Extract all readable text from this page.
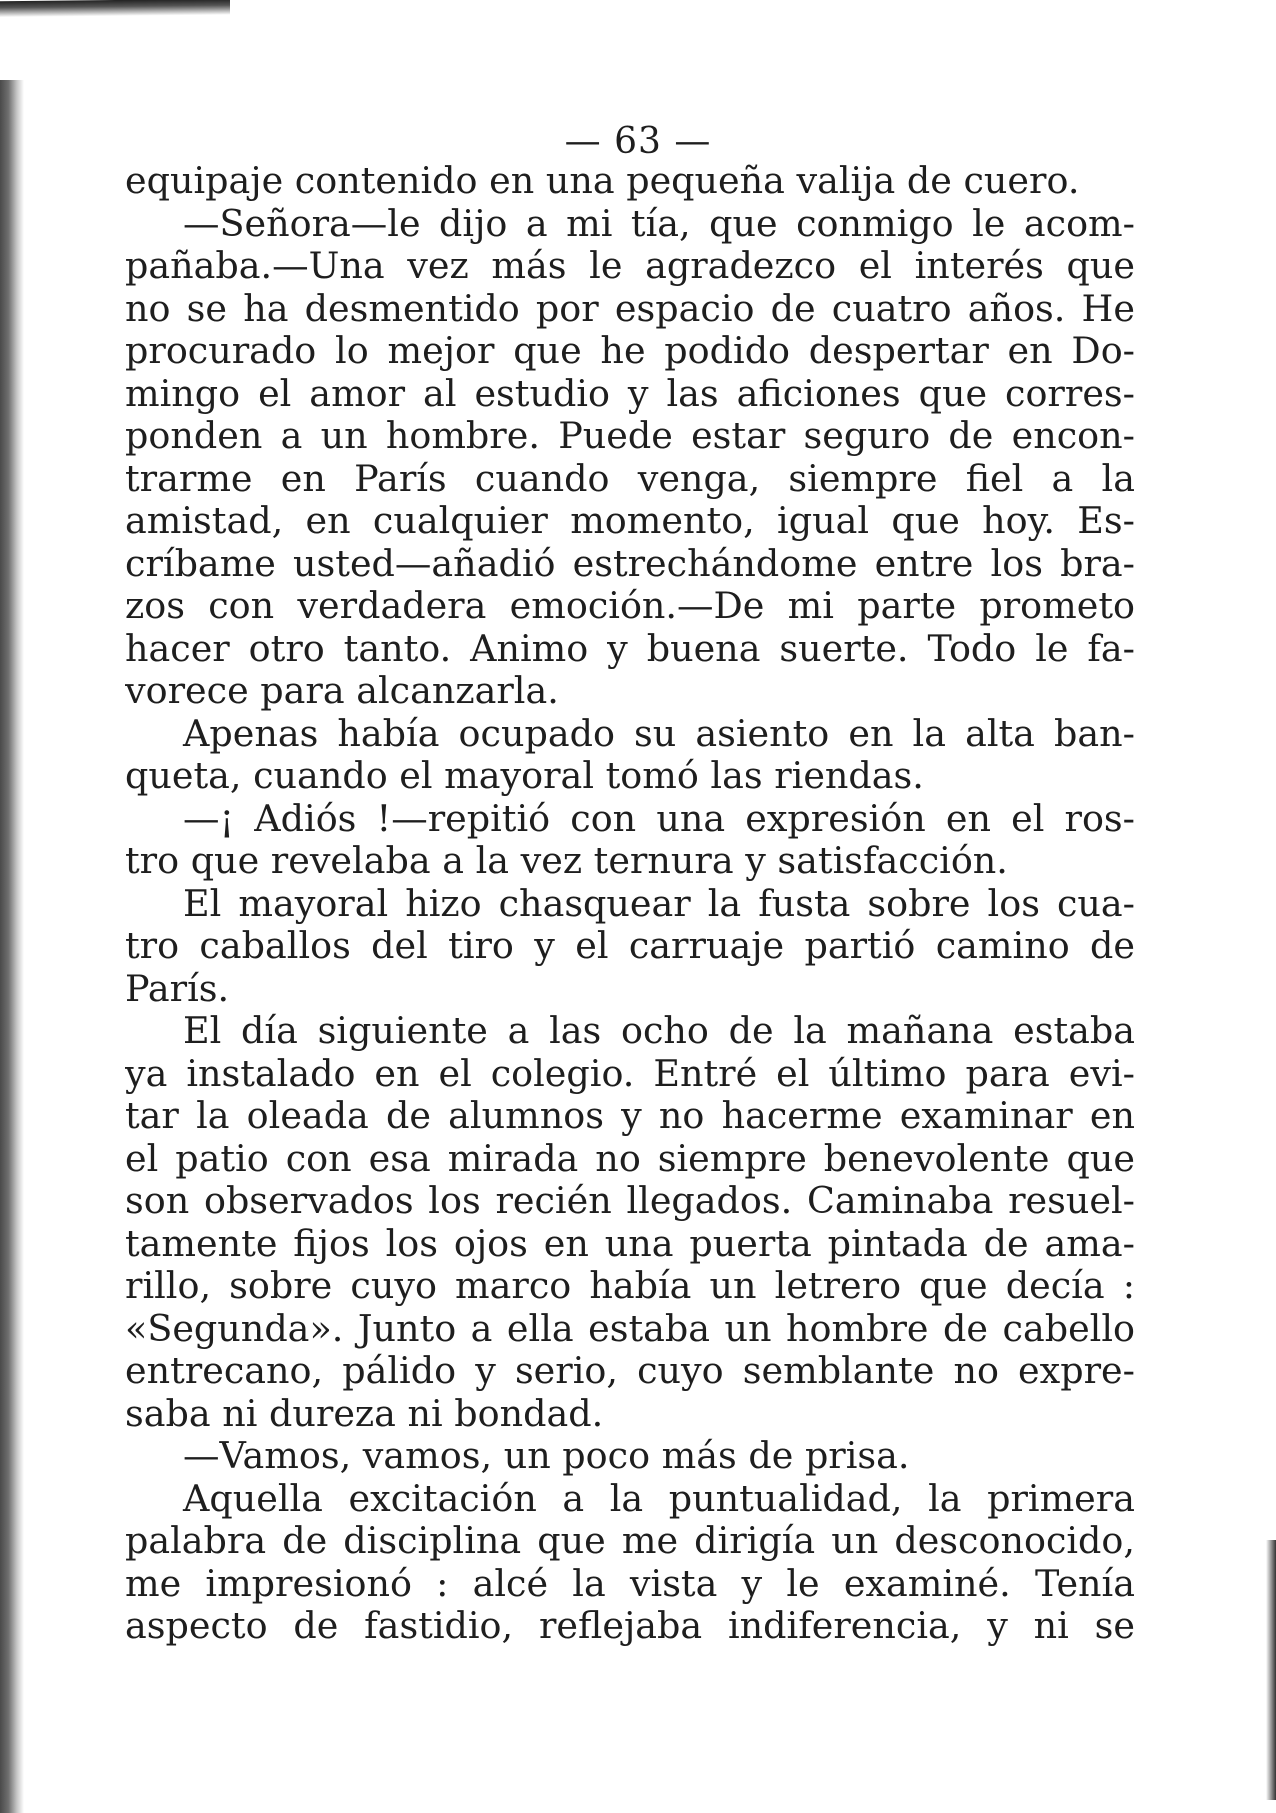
— 63 —
equipaje contenido en una pequeña valija de cuero.
—Señora—le dijo a mi tía, que conmigo le acom-
pañaba.—Una vez más le agradezco el interés que
no se ha desmentido por espacio de cuatro años. He
procurado lo mejor que he podido despertar en Do-
mingo el amor al estudio y las aficiones que corres-
ponden a un hombre. Puede estar seguro de encon-
trarme en París cuando venga, siempre fiel a la
amistad, en cualquier momento, igual que hoy. Es-
críbame usted—añadió estrechándome entre los bra-
zos con verdadera emoción.—De mi parte prometo
hacer otro tanto. Animo y buena suerte. Todo le fa-
vorece para alcanzarla.
Apenas había ocupado su asiento en la alta ban-
queta, cuando el mayoral tomó las riendas.
—¡ Adiós !—repitió con una expresión en el ros-
tro que revelaba a la vez ternura y satisfacción.
El mayoral hizo chasquear la fusta sobre los cua-
tro caballos del tiro y el carruaje partió camino de
París.
El día siguiente a las ocho de la mañana estaba
ya instalado en el colegio. Entré el último para evi-
tar la oleada de alumnos y no hacerme examinar en
el patio con esa mirada no siempre benevolente que
son observados los recién llegados. Caminaba resuel-
tamente fijos los ojos en una puerta pintada de ama-
rillo, sobre cuyo marco había un letrero que decía :
«Segunda». Junto a ella estaba un hombre de cabello
entrecano, pálido y serio, cuyo semblante no expre-
saba ni dureza ni bondad.
—Vamos, vamos, un poco más de prisa.
Aquella excitación a la puntualidad, la primera
palabra de disciplina que me dirigía un desconocido,
me impresionó : alcé la vista y le examiné. Tenía
aspecto de fastidio, reflejaba indiferencia, y ni se
